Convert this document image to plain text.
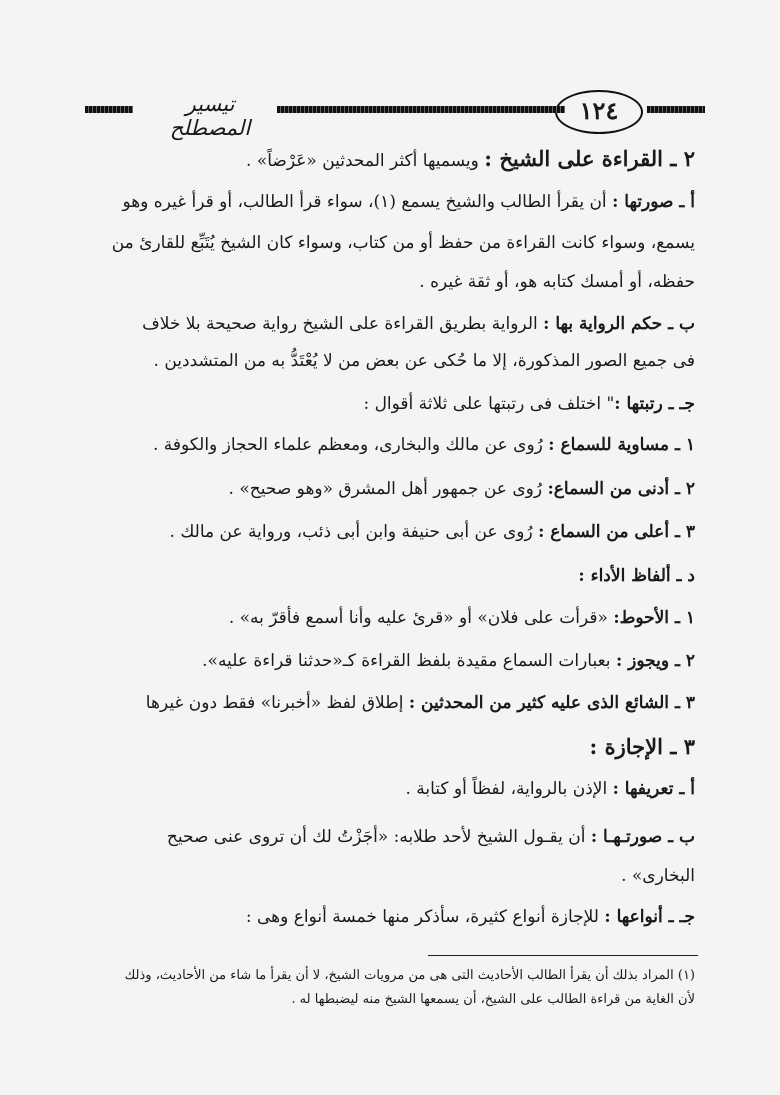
١٢٤
تيسير المصطلح
٢ ـ القراءة على الشيخ : ويسميها أكثر المحدثين «عَرْضاً» .
أ ـ صورتها : أن يقرأ الطالب والشيخ يسمع (١)، سواء قرأ الطالب، أو قرأ غيره وهو
يسمع، وسواء كانت القراءة من حفظ أو من كتاب، وسواء كان الشيخ يُتَبِّع للقارئ من
حفظه، أو أمسك كتابه هو، أو ثقة غيره .
ب ـ حكم الرواية بها : الرواية بطريق القراءة على الشيخ رواية صحيحة بلا خلاف
فى جميع الصور المذكورة، إلا ما حُكى عن بعض من لا يُعْتَدُّ به من المتشددين .
جـ ـ رتبتها :" اختلف فى رتبتها على ثلاثة أقوال :
١ ـ مساوية للسماع : رُوى عن مالك والبخارى، ومعظم علماء الحجاز والكوفة .
٢ ـ أدنى من السماع: رُوى عن جمهور أهل المشرق «وهو صحيح» .
٣ ـ أعلى من السماع : رُوى عن أبى حنيفة وابن أبى ذئب، ورواية عن مالك .
د ـ ألفاظ الأداء :
١ ـ الأحوط: «قرأت على فلان» أو «قرئ عليه وأنا أسمع فأقرّ به» .
٢ ـ ويجوز : بعبارات السماع مقيدة بلفظ القراءة كـ«حدثنا قراءة عليه».
٣ ـ الشائع الذى عليه كثير من المحدثين : إطلاق لفظ «أخبرنا» فقط دون غيرها
٣ ـ الإجازة :
أ ـ تعريفها : الإذن بالرواية، لفظاً أو كتابة .
ب ـ صورتـهـا : أن يقـول الشيخ لأحد طلابه: «أجَزْتُ لك أن تروى عنى صحيح
البخارى» .
جـ ـ أنواعها : للإجازة أنواع كثيرة، سأذكر منها خمسة أنواع وهى :
(١) المراد بذلك أن يقرأ الطالب الأحاديث التى هى من مرويات الشيخ، لا أن يقرأ ما شاء من الأحاديث، وذلك
لأن الغاية من قراءة الطالب على الشيخ، أن يسمعها الشيخ منه ليضبطها له .
